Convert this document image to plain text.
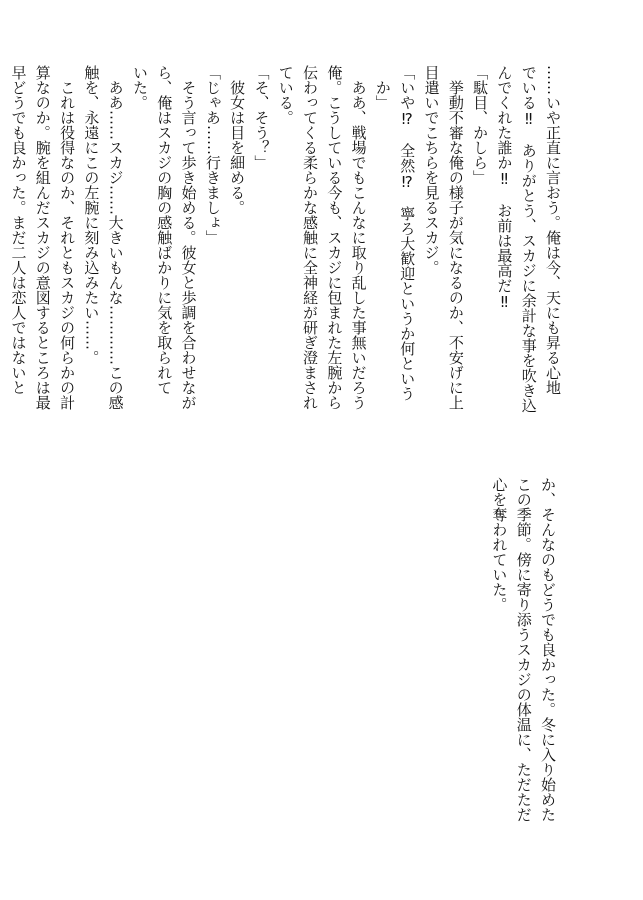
……いや正直に言おう。俺は今、天にも昇る心地
でいる‼　ありがとう、スカジに余計な事を吹き込
んでくれた誰か‼　お前は最高だ‼
「駄目、かしら」
　挙動不審な俺の様子が気になるのか、不安げに上
目遣いでこちらを見るスカジ。
「いや⁉　全然⁉　寧ろ大歓迎というか何という
　か」
　ああ、戦場でもこんなに取り乱した事無いだろう
俺。こうしている今も、スカジに包まれた左腕から
伝わってくる柔らかな感触に全神経が研ぎ澄まされ
ている。
「そ、そう？」
　彼女は目を細める。
「じゃあ……行きましょ」
　そう言って歩き始める。彼女と歩調を合わせなが
ら、俺はスカジの胸の感触ばかりに気を取られて
いた。
　ああ……スカジ……大きいもんな…………この感
触を、永遠にこの左腕に刻み込みたい……。
　これは役得なのか、それともスカジの何らかの計
算なのか。腕を組んだスカジの意図するところは最
早どうでも良かった。まだ二人は恋人ではないと
か、そんなのもどうでも良かった。冬に入り始めた
この季節。傍に寄り添うスカジの体温に、ただただ
心を奪われていた。
